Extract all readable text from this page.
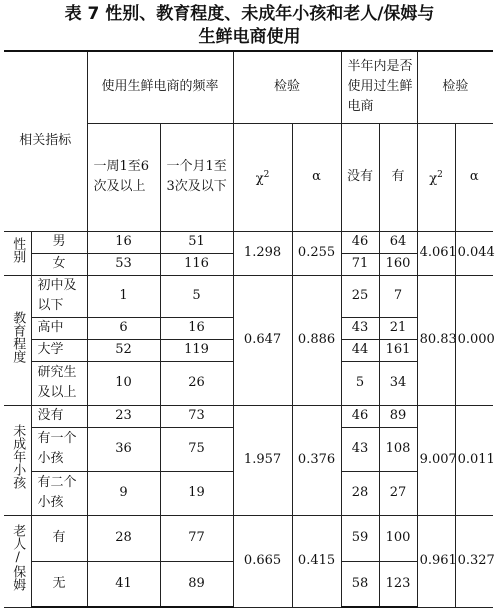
表 7 性别、教育程度、未成年小孩和老人/保姆与
生鲜电商使用
相关指标		使用生鲜电商的频率		检验		半年内是否使用过生鲜电商		检验	
		一周1至6次及以上	一个月1至3次及以下	$\chi^2$	α	没有	有	$\chi^2$	α
性别	男	16	51	1.298	0.255	46	64	4.061	0.044
	女	53	116			71	160		
教育程度	初中及以下	1	5	0.647	0.886	25	7	80.83	0.000
	高中	6	16			43	21		
	大学	52	119			44	161		
	研究生及以上	10	26			5	34		
未成年小孩	没有	23	73	1.957	0.376	46	89	9.007	0.011
	有一个小孩	36	75			43	108		
	有二个小孩	9	19			28	27		
老人/保姆	有	28	77	0.665	0.415	59	100	0.961	0.327
	无	41	89			58	123		
